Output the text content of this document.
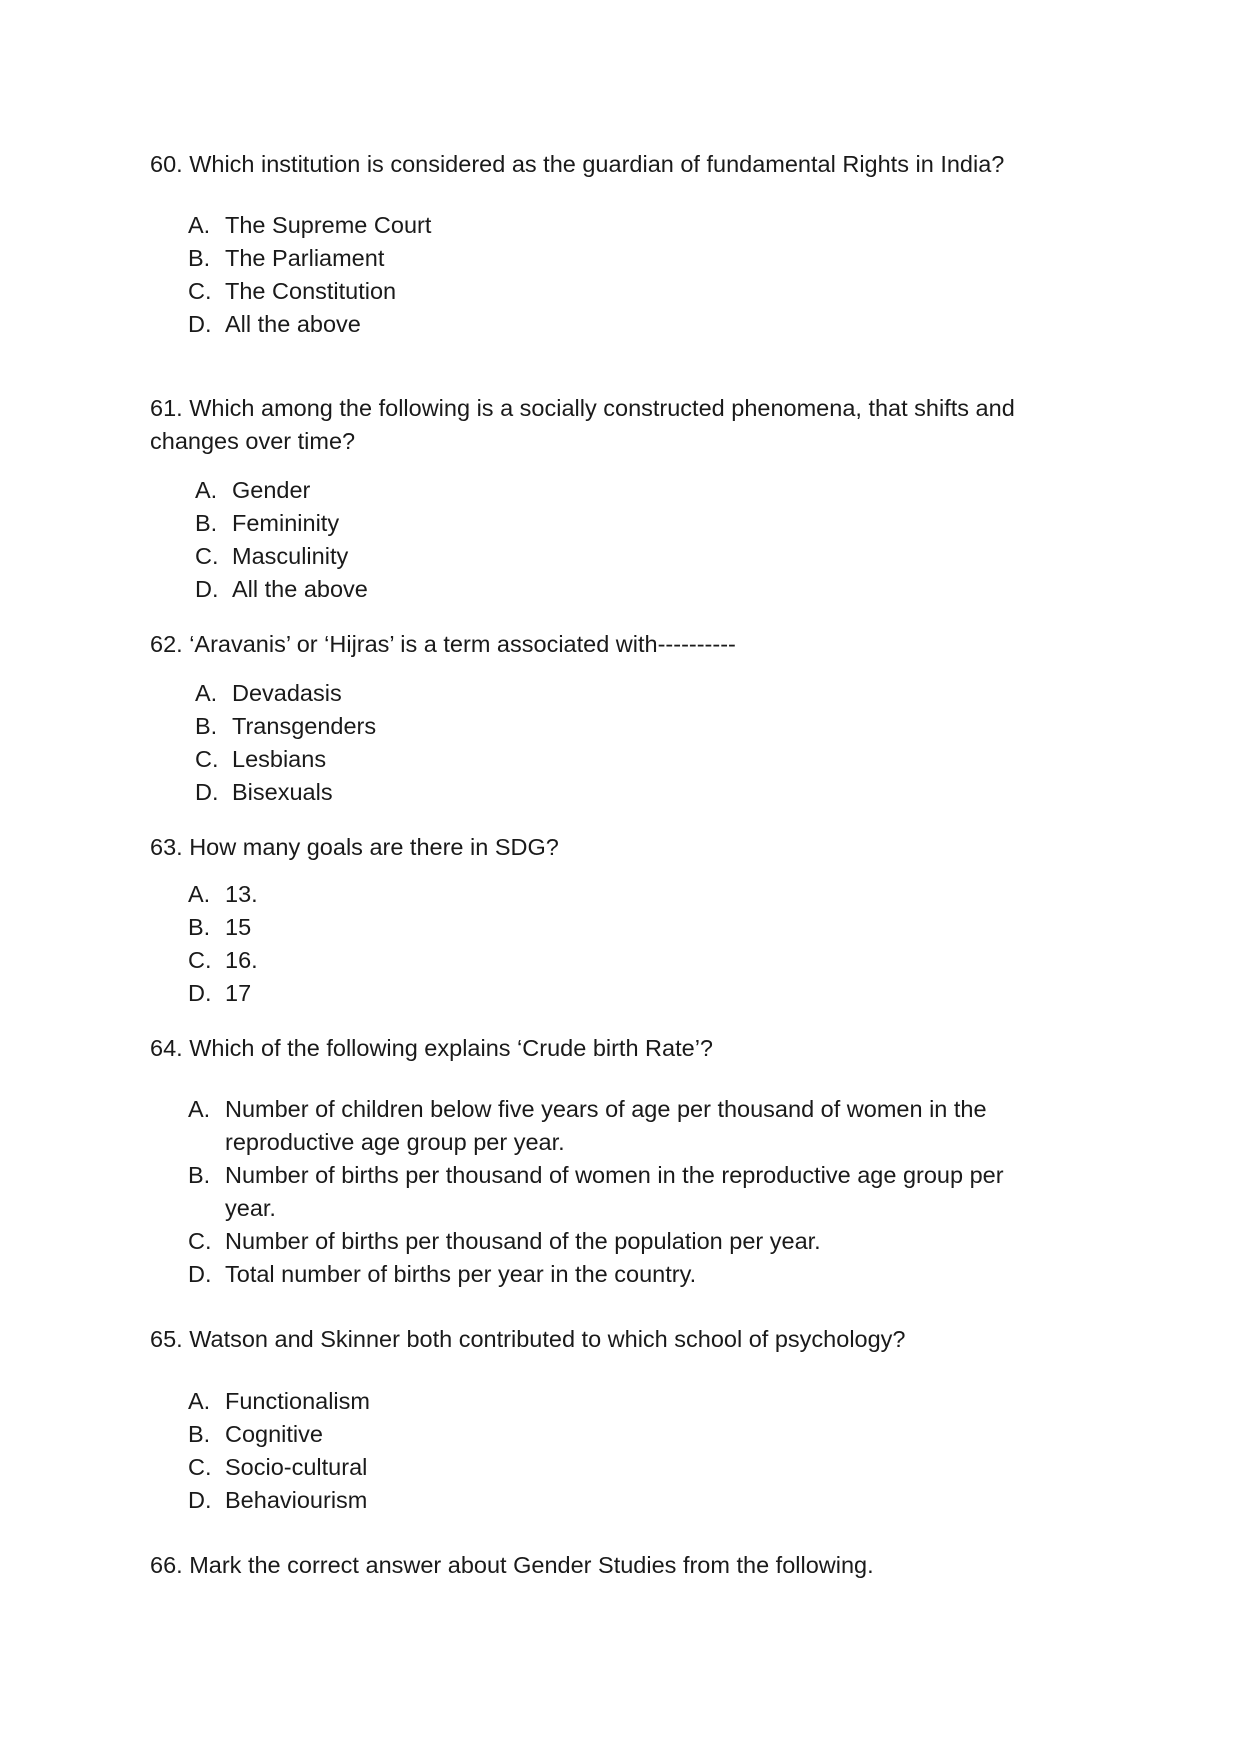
60. Which institution is considered as the guardian of fundamental Rights in India?

A. The Supreme Court
B. The Parliament
C. The Constitution
D. All the above

61. Which among the following is a socially constructed phenomena, that shifts and

changes over time?

A. Gender
B. Femininity
C. Masculinity
D. All the above

62. ‘Aravanis’ or ‘Hijras’ is a term associated with----------

A. Devadasis
B. Transgenders
C. Lesbians
D. Bisexuals

63. How many goals are there in SDG?

A. 13.
B. 15
C. 16.
D. 17

64. Which of the following explains ‘Crude birth Rate’?

A. Number of children below five years of age per thousand of women in the
reproductive age group per year.
B. Number of births per thousand of women in the reproductive age group per
year.
C. Number of births per thousand of the population per year.
D. Total number of births per year in the country.

65. Watson and Skinner both contributed to which school of psychology?

A. Functionalism
B. Cognitive
C. Socio-cultural
D. Behaviourism

66. Mark the correct answer about Gender Studies from the following.
